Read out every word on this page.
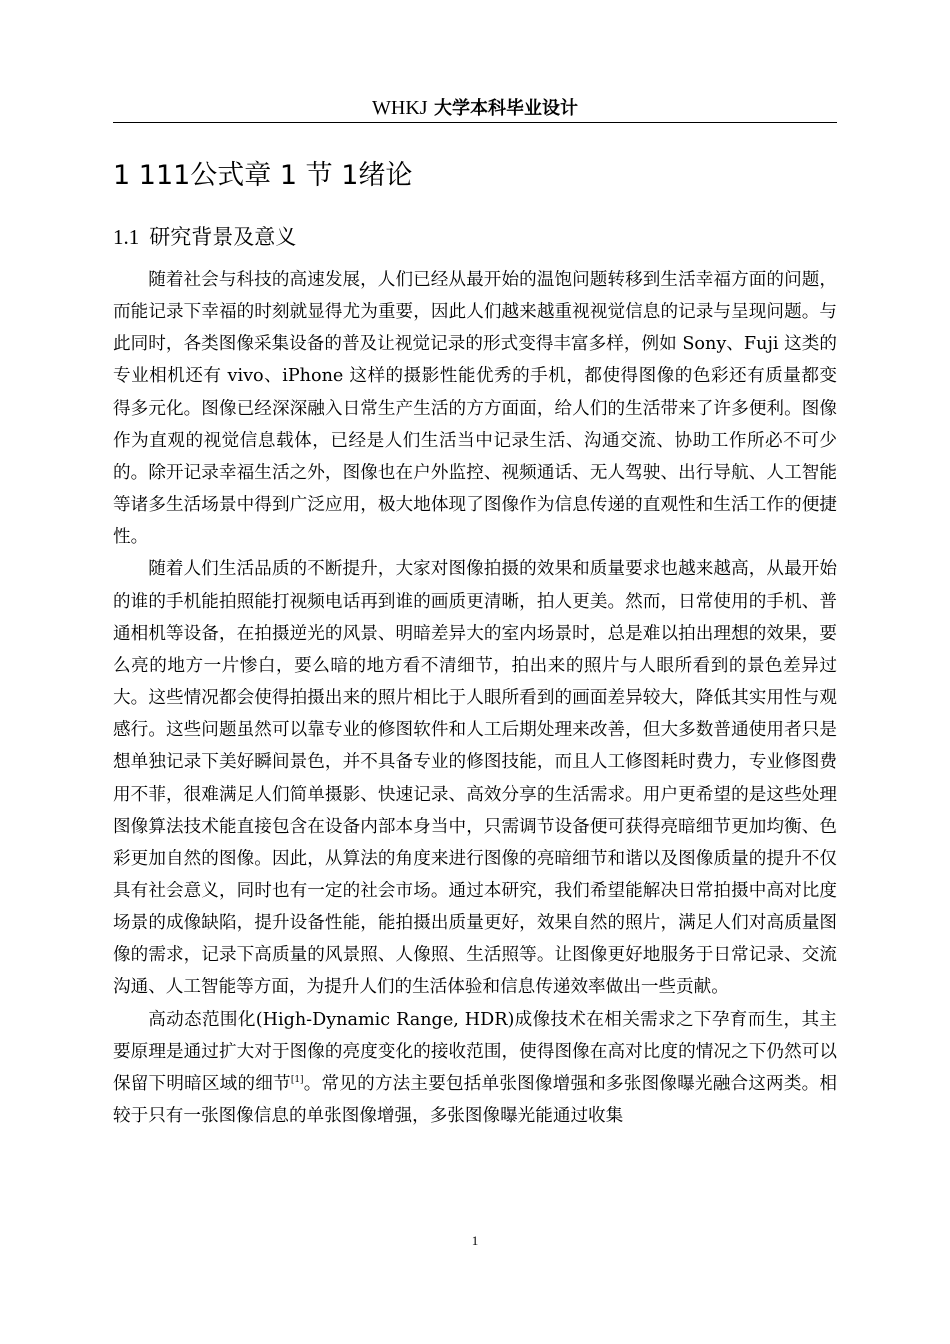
WHKJ 大学本科毕业设计
1 111公式章 1 节 1绪论
1.1 研究背景及意义

随着社会与科技的高速发展，人们已经从最开始的温饱问题转移到生活幸福方面的问题，而能记录下幸福的时刻就显得尤为重要，因此人们越来越重视视觉信息的记录与呈现问题。与此同时，各类图像采集设备的普及让视觉记录的形式变得丰富多样，例如 Sony、Fuji 这类的专业相机还有 vivo、iPhone 这样的摄影性能优秀的手机，都使得图像的色彩还有质量都变得多元化。图像已经深深融入日常生产生活的方方面面，给人们的生活带来了许多便利。图像作为直观的视觉信息载体，已经是人们生活当中记录生活、沟通交流、协助工作所必不可少的。除开记录幸福生活之外，图像也在户外监控、视频通话、无人驾驶、出行导航、人工智能等诸多生活场景中得到广泛应用，极大地体现了图像作为信息传递的直观性和生活工作的便捷性。

随着人们生活品质的不断提升，大家对图像拍摄的效果和质量要求也越来越高，从最开始的谁的手机能拍照能打视频电话再到谁的画质更清晰，拍人更美。然而，日常使用的手机、普通相机等设备，在拍摄逆光的风景、明暗差异大的室内场景时，总是难以拍出理想的效果，要么亮的地方一片惨白，要么暗的地方看不清细节，拍出来的照片与人眼所看到的景色差异过大。这些情况都会使得拍摄出来的照片相比于人眼所看到的画面差异较大，降低其实用性与观感行。这些问题虽然可以靠专业的修图软件和人工后期处理来改善，但大多数普通使用者只是想单独记录下美好瞬间景色，并不具备专业的修图技能，而且人工修图耗时费力，专业修图费用不菲，很难满足人们简单摄影、快速记录、高效分享的生活需求。用户更希望的是这些处理图像算法技术能直接包含在设备内部本身当中，只需调节设备便可获得亮暗细节更加均衡、色彩更加自然的图像。因此，从算法的角度来进行图像的亮暗细节和谐以及图像质量的提升不仅具有社会意义，同时也有一定的社会市场。通过本研究，我们希望能解决日常拍摄中高对比度场景的成像缺陷，提升设备性能，能拍摄出质量更好，效果自然的照片，满足人们对高质量图像的需求，记录下高质量的风景照、人像照、生活照等。让图像更好地服务于日常记录、交流沟通、人工智能等方面，为提升人们的生活体验和信息传递效率做出一些贡献。

高动态范围化(High-Dynamic Range, HDR)成像技术在相关需求之下孕育而生，其主要原理是通过扩大对于图像的亮度变化的接收范围，使得图像在高对比度的情况之下仍然可以保留下明暗区域的细节[1]。常见的方法主要包括单张图像增强和多张图像曝光融合这两类。相较于只有一张图像信息的单张图像增强，多张图像曝光能通过收集

1
